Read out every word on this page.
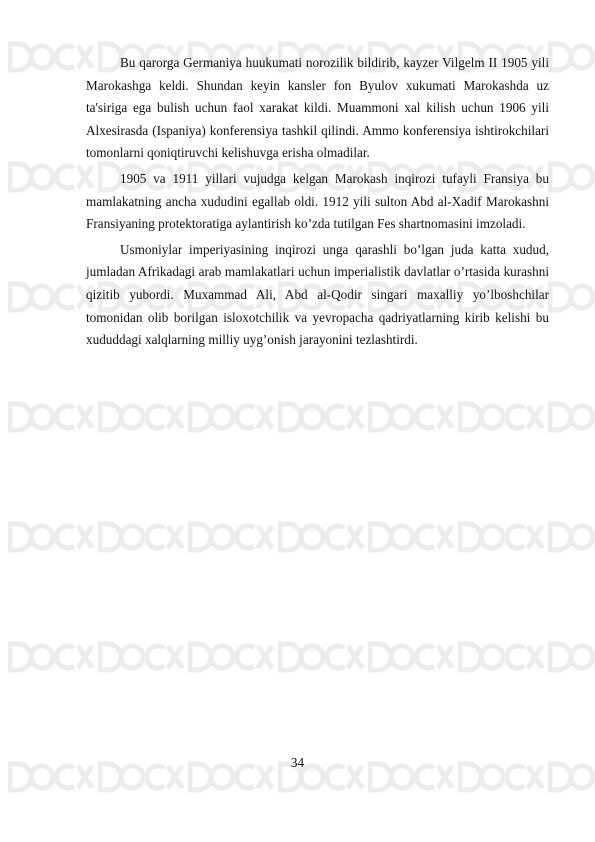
Bu qarorga Germaniya huukumati norozilik bildirib, kayzer Vilgelm II 1905 yili Marokashga keldi. Shundan keyin kansler fon Byulov xukumati Marokashda uz ta'siriga ega bulish uchun faol xarakat kildi. Muammoni xal kilish uchun 1906 yili Alxesirasda (Ispaniya) konferensiya tashkil qilindi. Ammo konferensiya ishtirokchilari tomonlarni qoniqtiruvchi kelishuvga erisha olmadilar.

1905 va 1911 yillari vujudga kelgan Marokash inqirozi tufayli Fransiya bu mamlakatning ancha xududini egallab oldi. 1912 yili sulton Abd al-Xadif Marokashni Fransiyaning protektoratiga aylantirish ko’zda tutilgan Fes shartnomasini imzoladi.

Usmoniylar imperiyasining inqirozi unga qarashli bo’lgan juda katta xudud, jumladan Afrikadagi arab mamlakatlari uchun imperialistik davlatlar o’rtasida kurashni qizitib yubordi. Muxammad Ali, Abd al-Qodir singari maxalliy yo’lboshchilar tomonidan olib borilgan isloxotchilik va yevropacha qadriyatlarning kirib kelishi bu xududdagi xalqlarning milliy uyg’onish jarayonini tezlashtirdi.

34
